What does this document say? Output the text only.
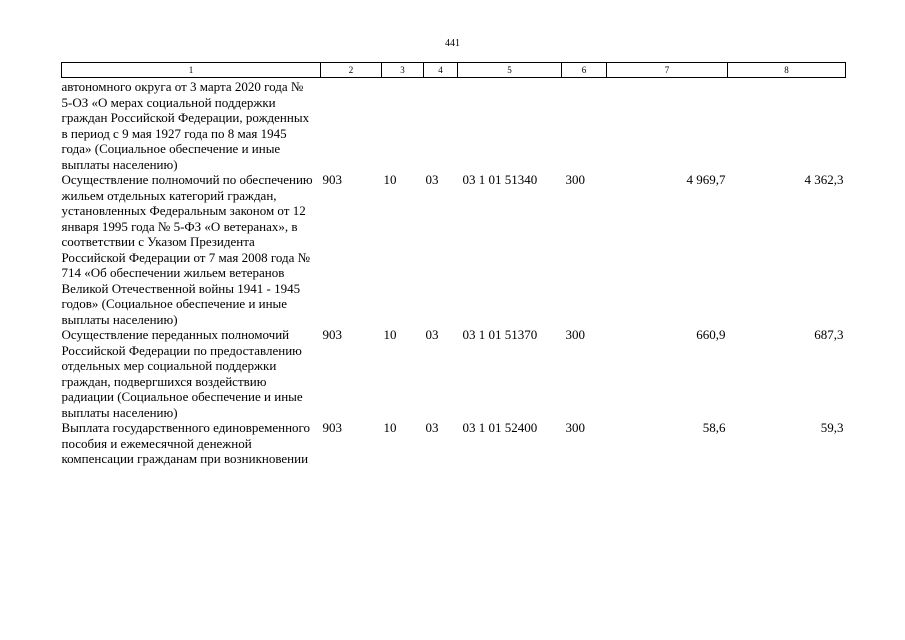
441
1	2	3	4	5	6	7	8
автономного округа от 3 марта 2020 года № 5-ОЗ «О мерах социальной поддержки граждан Российской Федерации, рожденных в период с 9 мая 1927 года по 8 мая 1945 года» (Социальное обеспечение и иные выплаты населению)							
Осуществление полномочий по обеспечению жильем отдельных категорий граждан, установленных Федеральным законом от 12 января 1995 года № 5-ФЗ «О ветеранах», в соответствии с Указом Президента Российской Федерации от 7 мая 2008 года № 714 «Об обеспечении жильем ветеранов Великой Отечественной войны 1941 - 1945 годов» (Социальное обеспечение и иные выплаты населению)	903	10	03	03 1 01 51340	300	4 969,7	4 362,3
Осуществление переданных полномочий Российской Федерации по предоставлению отдельных мер социальной поддержки граждан, подвергшихся воздействию радиации (Социальное обеспечение и иные выплаты населению)	903	10	03	03 1 01 51370	300	660,9	687,3
Выплата государственного единовременного пособия и ежемесячной денежной компенсации гражданам при возникновении	903	10	03	03 1 01 52400	300	58,6	59,3
